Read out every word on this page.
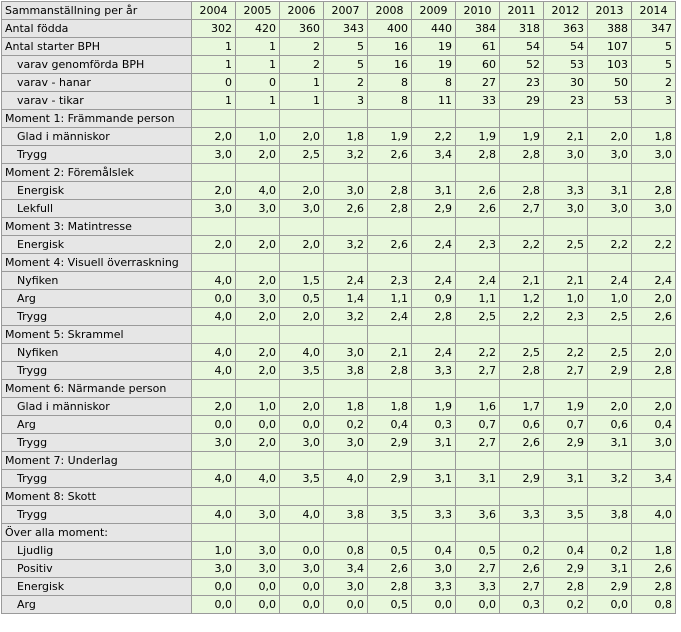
Sammanställning per år	2004	2005	2006	2007	2008	2009	2010	2011	2012	2013	2014
Antal födda	302	420	360	343	400	440	384	318	363	388	347
Antal starter BPH	1	1	2	5	16	19	61	54	54	107	5
varav genomförda BPH	1	1	2	5	16	19	60	52	53	103	5
varav - hanar	0	0	1	2	8	8	27	23	30	50	2
varav - tikar	1	1	1	3	8	11	33	29	23	53	3
Moment 1: Främmande person											
Glad i människor	2,0	1,0	2,0	1,8	1,9	2,2	1,9	1,9	2,1	2,0	1,8
Trygg	3,0	2,0	2,5	3,2	2,6	3,4	2,8	2,8	3,0	3,0	3,0
Moment 2: Föremålslek											
Energisk	2,0	4,0	2,0	3,0	2,8	3,1	2,6	2,8	3,3	3,1	2,8
Lekfull	3,0	3,0	3,0	2,6	2,8	2,9	2,6	2,7	3,0	3,0	3,0
Moment 3: Matintresse											
Energisk	2,0	2,0	2,0	3,2	2,6	2,4	2,3	2,2	2,5	2,2	2,2
Moment 4: Visuell överraskning											
Nyfiken	4,0	2,0	1,5	2,4	2,3	2,4	2,4	2,1	2,1	2,4	2,4
Arg	0,0	3,0	0,5	1,4	1,1	0,9	1,1	1,2	1,0	1,0	2,0
Trygg	4,0	2,0	2,0	3,2	2,4	2,8	2,5	2,2	2,3	2,5	2,6
Moment 5: Skrammel											
Nyfiken	4,0	2,0	4,0	3,0	2,1	2,4	2,2	2,5	2,2	2,5	2,0
Trygg	4,0	2,0	3,5	3,8	2,8	3,3	2,7	2,8	2,7	2,9	2,8
Moment 6: Närmande person											
Glad i människor	2,0	1,0	2,0	1,8	1,8	1,9	1,6	1,7	1,9	2,0	2,0
Arg	0,0	0,0	0,0	0,2	0,4	0,3	0,7	0,6	0,7	0,6	0,4
Trygg	3,0	2,0	3,0	3,0	2,9	3,1	2,7	2,6	2,9	3,1	3,0
Moment 7: Underlag											
Trygg	4,0	4,0	3,5	4,0	2,9	3,1	3,1	2,9	3,1	3,2	3,4
Moment 8: Skott											
Trygg	4,0	3,0	4,0	3,8	3,5	3,3	3,6	3,3	3,5	3,8	4,0
Över alla moment:											
Ljudlig	1,0	3,0	0,0	0,8	0,5	0,4	0,5	0,2	0,4	0,2	1,8
Positiv	3,0	3,0	3,0	3,4	2,6	3,0	2,7	2,6	2,9	3,1	2,6
Energisk	0,0	0,0	0,0	3,0	2,8	3,3	3,3	2,7	2,8	2,9	2,8
Arg	0,0	0,0	0,0	0,0	0,5	0,0	0,0	0,3	0,2	0,0	0,8
